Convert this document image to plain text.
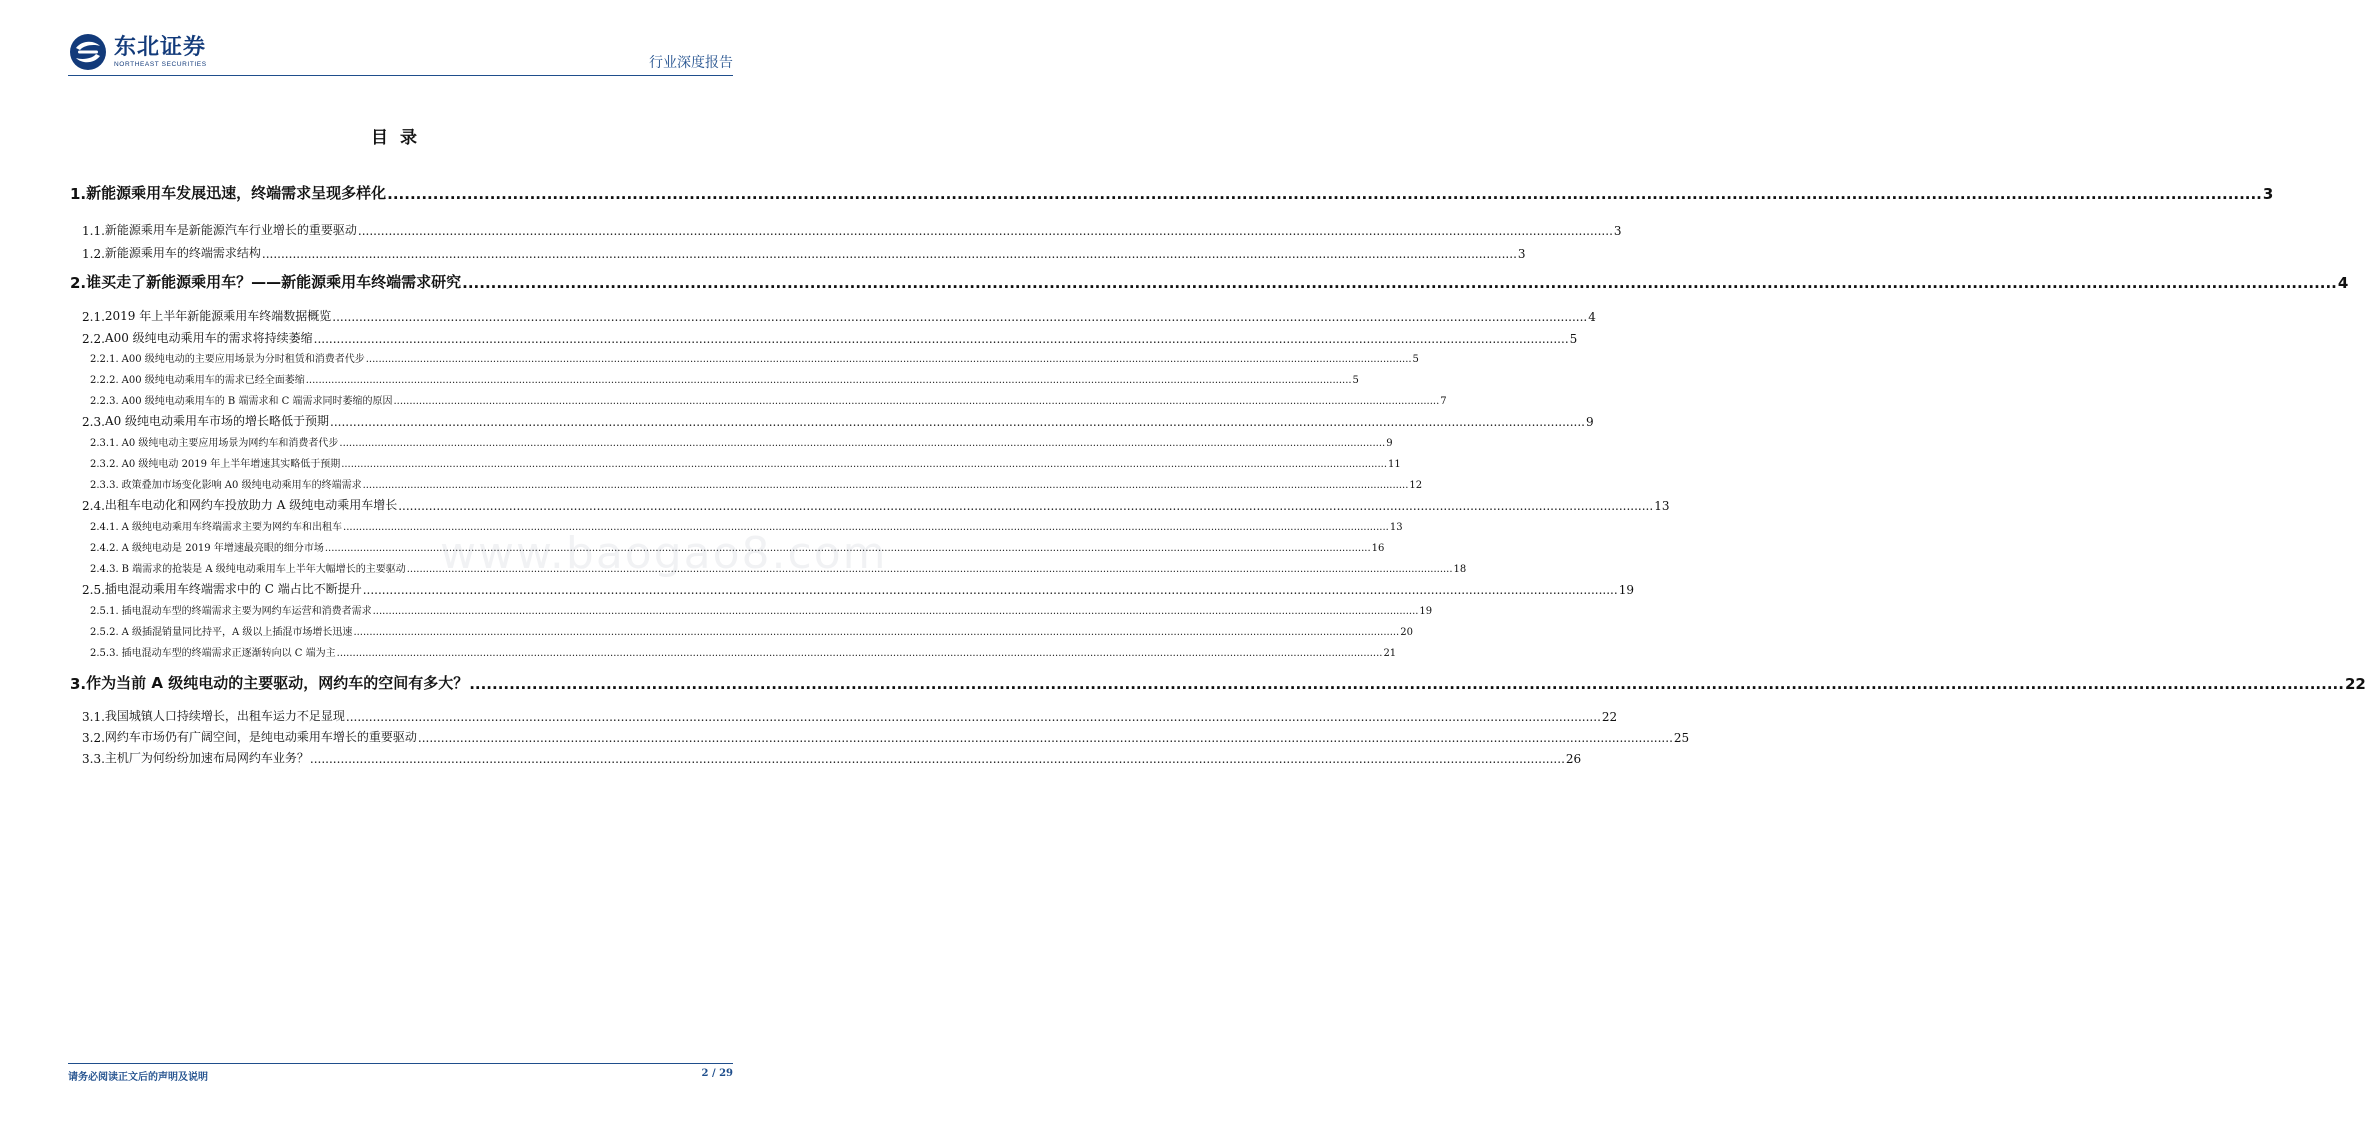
东北证券
NORTHEAST SECURITIES	行业深度报告
目录
1. 新能源乘用车发展迅速，终端需求呈现多样化 .....	3
1.1. 新能源乘用车是新能源汽车行业增长的重要驱动 .....	3
1.2. 新能源乘用车的终端需求结构 .....	3
2. 谁买走了新能源乘用车？——新能源乘用车终端需求研究 .....	4
2.1. 2019 年上半年新能源乘用车终端数据概览 .....	4
2.2. A00 级纯电动乘用车的需求将持续萎缩 .....	5
2.2.1. A00 级纯电动的主要应用场景为分时租赁和消费者代步 .....	5
2.2.2. A00 级纯电动乘用车的需求已经全面萎缩 .....	5
2.2.3. A00 级纯电动乘用车的 B 端需求和 C 端需求同时萎缩的原因 .....	7
2.3. A0 级纯电动乘用车市场的增长略低于预期 .....	9
2.3.1. A0 级纯电动主要应用场景为网约车和消费者代步 .....	9
2.3.2. A0 级纯电动 2019 年上半年增速其实略低于预期 .....	11
2.3.3. 政策叠加市场变化影响 A0 级纯电动乘用车的终端需求 .....	12
2.4. 出租车电动化和网约车投放助力 A 级纯电动乘用车增长 .....	13
2.4.1. A 级纯电动乘用车终端需求主要为网约车和出租车 .....	13
2.4.2. A 级纯电动是 2019 年增速最亮眼的细分市场 .....	16
2.4.3. B 端需求的抢装是 A 级纯电动乘用车上半年大幅增长的主要驱动 .....	18
2.5. 插电混动乘用车终端需求中的 C 端占比不断提升 .....	19
2.5.1. 插电混动车型的终端需求主要为网约车运营和消费者需求 .....	19
2.5.2. A 级插混销量同比持平，A 级以上插混市场增长迅速 .....	20
2.5.3. 插电混动车型的终端需求正逐渐转向以 C 端为主 .....	21
3. 作为当前 A 级纯电动的主要驱动，网约车的空间有多大？ .....	22
3.1. 我国城镇人口持续增长，出租车运力不足显现 .....	22
3.2. 网约车市场仍有广阔空间，是纯电动乘用车增长的重要驱动 .....	25
3.3. 主机厂为何纷纷加速布局网约车业务？ .....	26
www.baogao8.com
请务必阅读正文后的声明及说明	2 / 29
